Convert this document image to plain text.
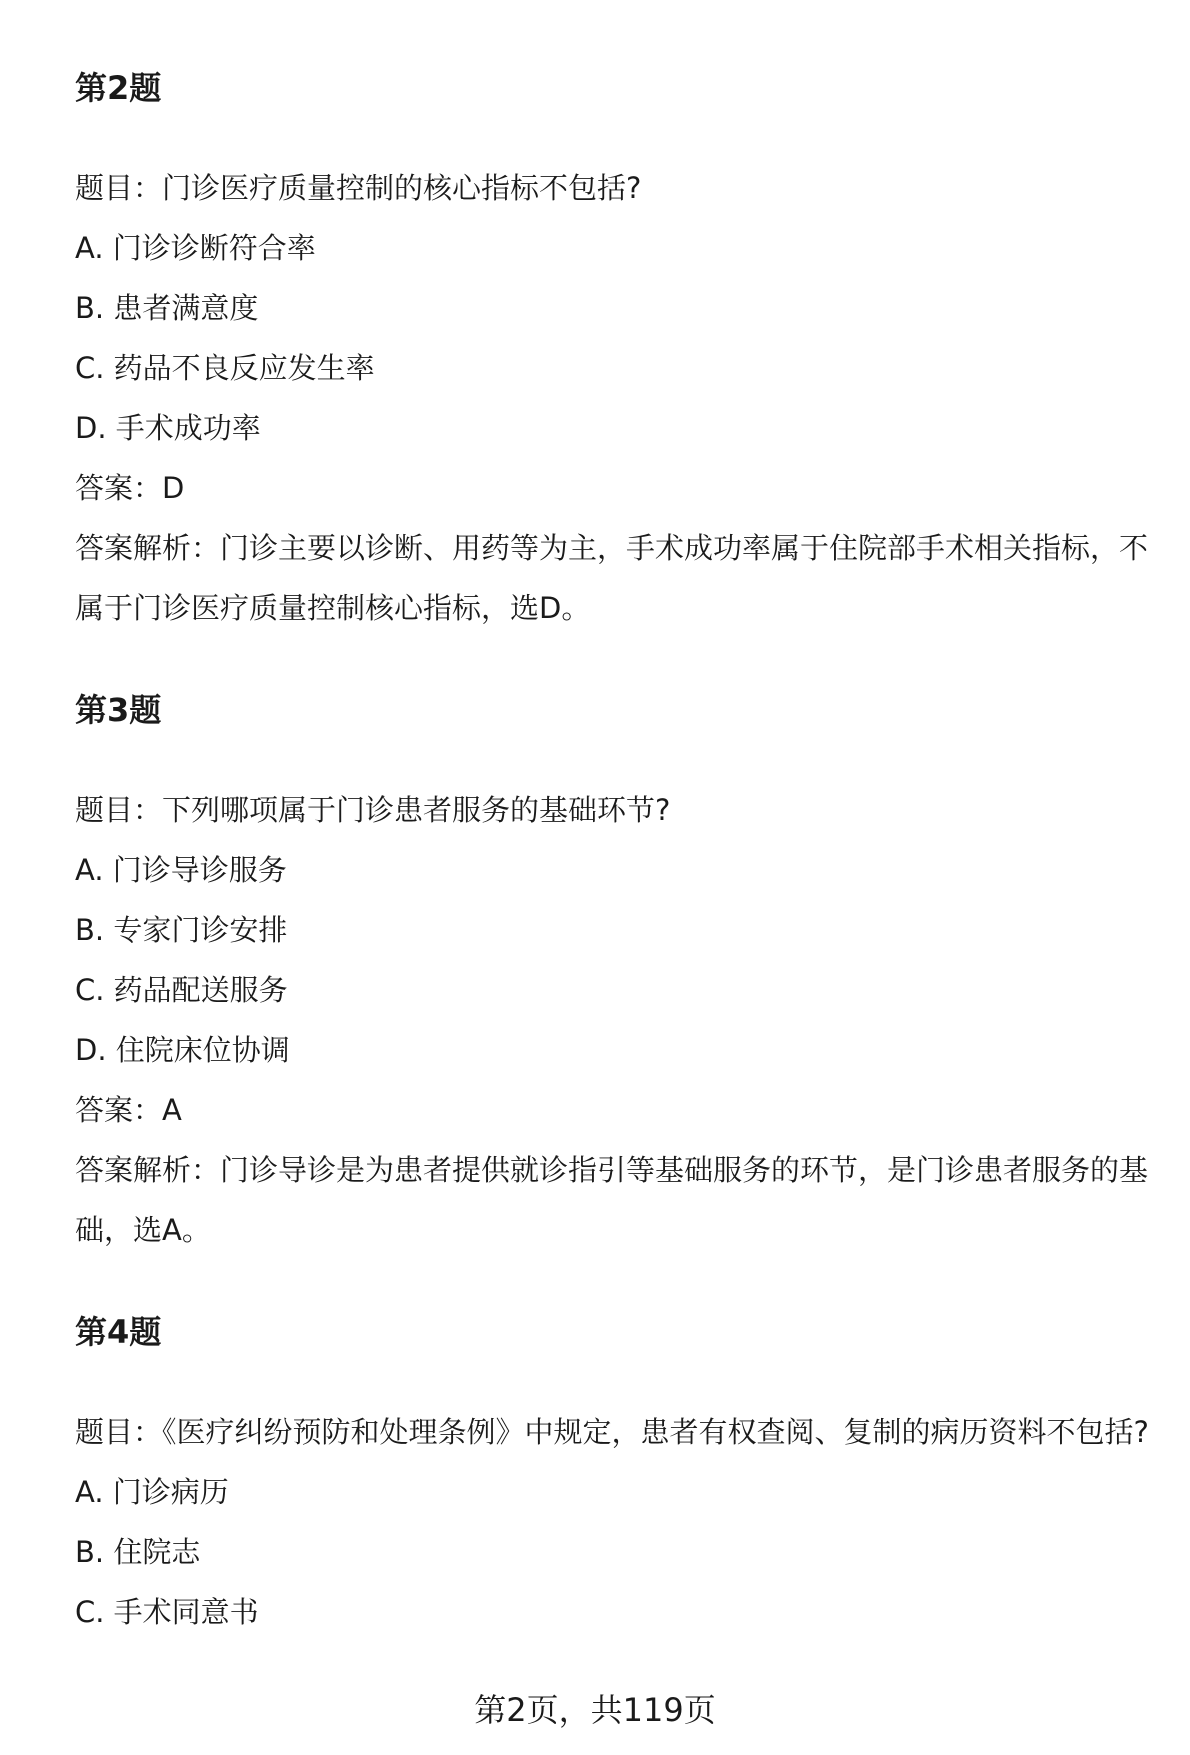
第2题

题目：门诊医疗质量控制的核心指标不包括?

A. 门诊诊断符合率

B. 患者满意度

C. 药品不良反应发生率

D. 手术成功率

答案：D

答案解析：门诊主要以诊断、用药等为主，手术成功率属于住院部手术相关指标，不属于门诊医疗质量控制核心指标，选D。

第3题

题目：下列哪项属于门诊患者服务的基础环节?

A. 门诊导诊服务

B. 专家门诊安排

C. 药品配送服务

D. 住院床位协调

答案：A

答案解析：门诊导诊是为患者提供就诊指引等基础服务的环节，是门诊患者服务的基础，选A。

第4题

题目：《医疗纠纷预防和处理条例》中规定，患者有权查阅、复制的病历资料不包括?

A. 门诊病历

B. 住院志

C. 手术同意书

第2页，共119页
